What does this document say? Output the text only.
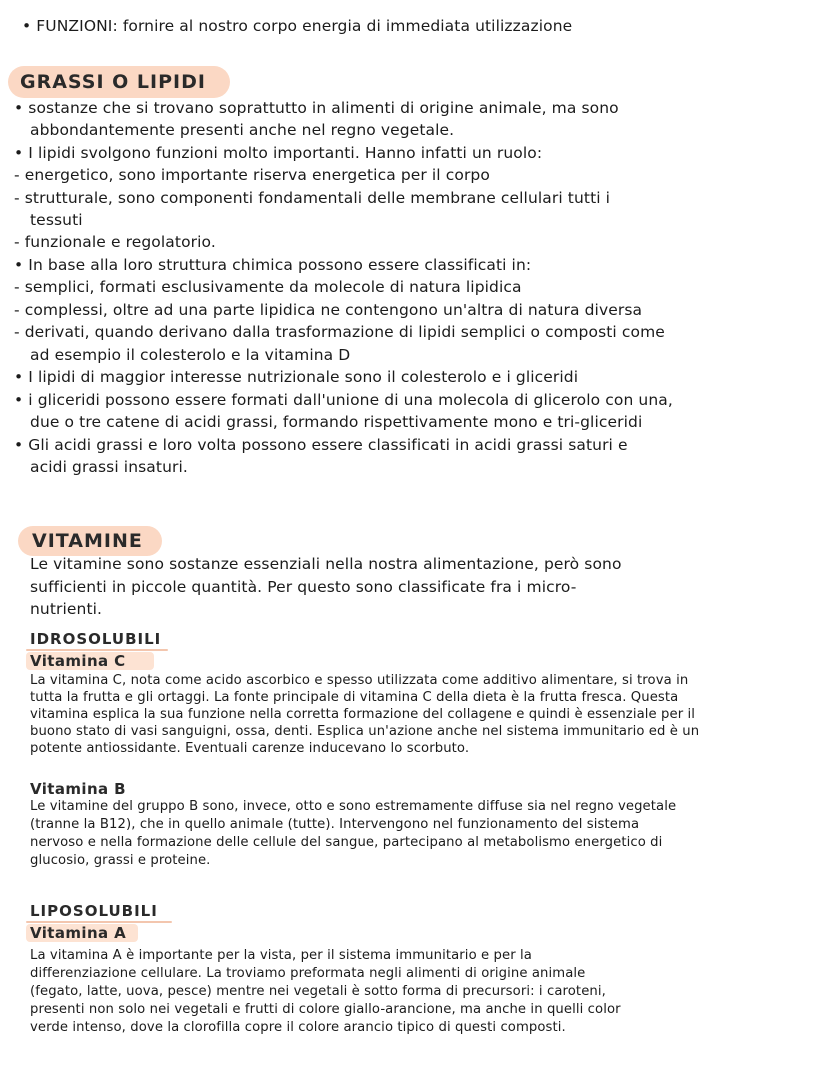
• FUNZIONI: fornire al nostro corpo energia di immediata utilizzazione
GRASSI O LIPIDI
• sostanze che si trovano soprattutto in alimenti di origine animale, ma sono
abbondantemente presenti anche nel regno vegetale.
• I lipidi svolgono funzioni molto importanti. Hanno infatti un ruolo:
- energetico, sono importante riserva energetica per il corpo
- strutturale, sono componenti fondamentali delle membrane cellulari tutti i
tessuti
- funzionale e regolatorio.
• In base alla loro struttura chimica possono essere classificati in:
- semplici, formati esclusivamente da molecole di natura lipidica
- complessi, oltre ad una parte lipidica ne contengono un'altra di natura diversa
- derivati, quando derivano dalla trasformazione di lipidi semplici o composti come
ad esempio il colesterolo e la vitamina D
• I lipidi di maggior interesse nutrizionale sono il colesterolo e i gliceridi
• i gliceridi possono essere formati dall'unione di una molecola di glicerolo con una,
due o tre catene di acidi grassi, formando rispettivamente mono e tri-gliceridi
• Gli acidi grassi e loro volta possono essere classificati in acidi grassi saturi e
acidi grassi insaturi.
VITAMINE
Le vitamine sono sostanze essenziali nella nostra alimentazione, però sono
sufficienti in piccole quantità. Per questo sono classificate fra i micro-
nutrienti.
IDROSOLUBILI
Vitamina C
La vitamina C, nota come acido ascorbico e spesso utilizzata come additivo alimentare, si trova in
tutta la frutta e gli ortaggi. La fonte principale di vitamina C della dieta è la frutta fresca. Questa
vitamina esplica la sua funzione nella corretta formazione del collagene e quindi è essenziale per il
buono stato di vasi sanguigni, ossa, denti. Esplica un'azione anche nel sistema immunitario ed è un
potente antiossidante. Eventuali carenze inducevano lo scorbuto.
Vitamina B
Le vitamine del gruppo B sono, invece, otto e sono estremamente diffuse sia nel regno vegetale
(tranne la B12), che in quello animale (tutte). Intervengono nel funzionamento del sistema
nervoso e nella formazione delle cellule del sangue, partecipano al metabolismo energetico di
glucosio, grassi e proteine.
LIPOSOLUBILI
Vitamina A
La vitamina A è importante per la vista, per il sistema immunitario e per la
differenziazione cellulare. La troviamo preformata negli alimenti di origine animale
(fegato, latte, uova, pesce) mentre nei vegetali è sotto forma di precursori: i caroteni,
presenti non solo nei vegetali e frutti di colore giallo-arancione, ma anche in quelli color
verde intenso, dove la clorofilla copre il colore arancio tipico di questi composti.
